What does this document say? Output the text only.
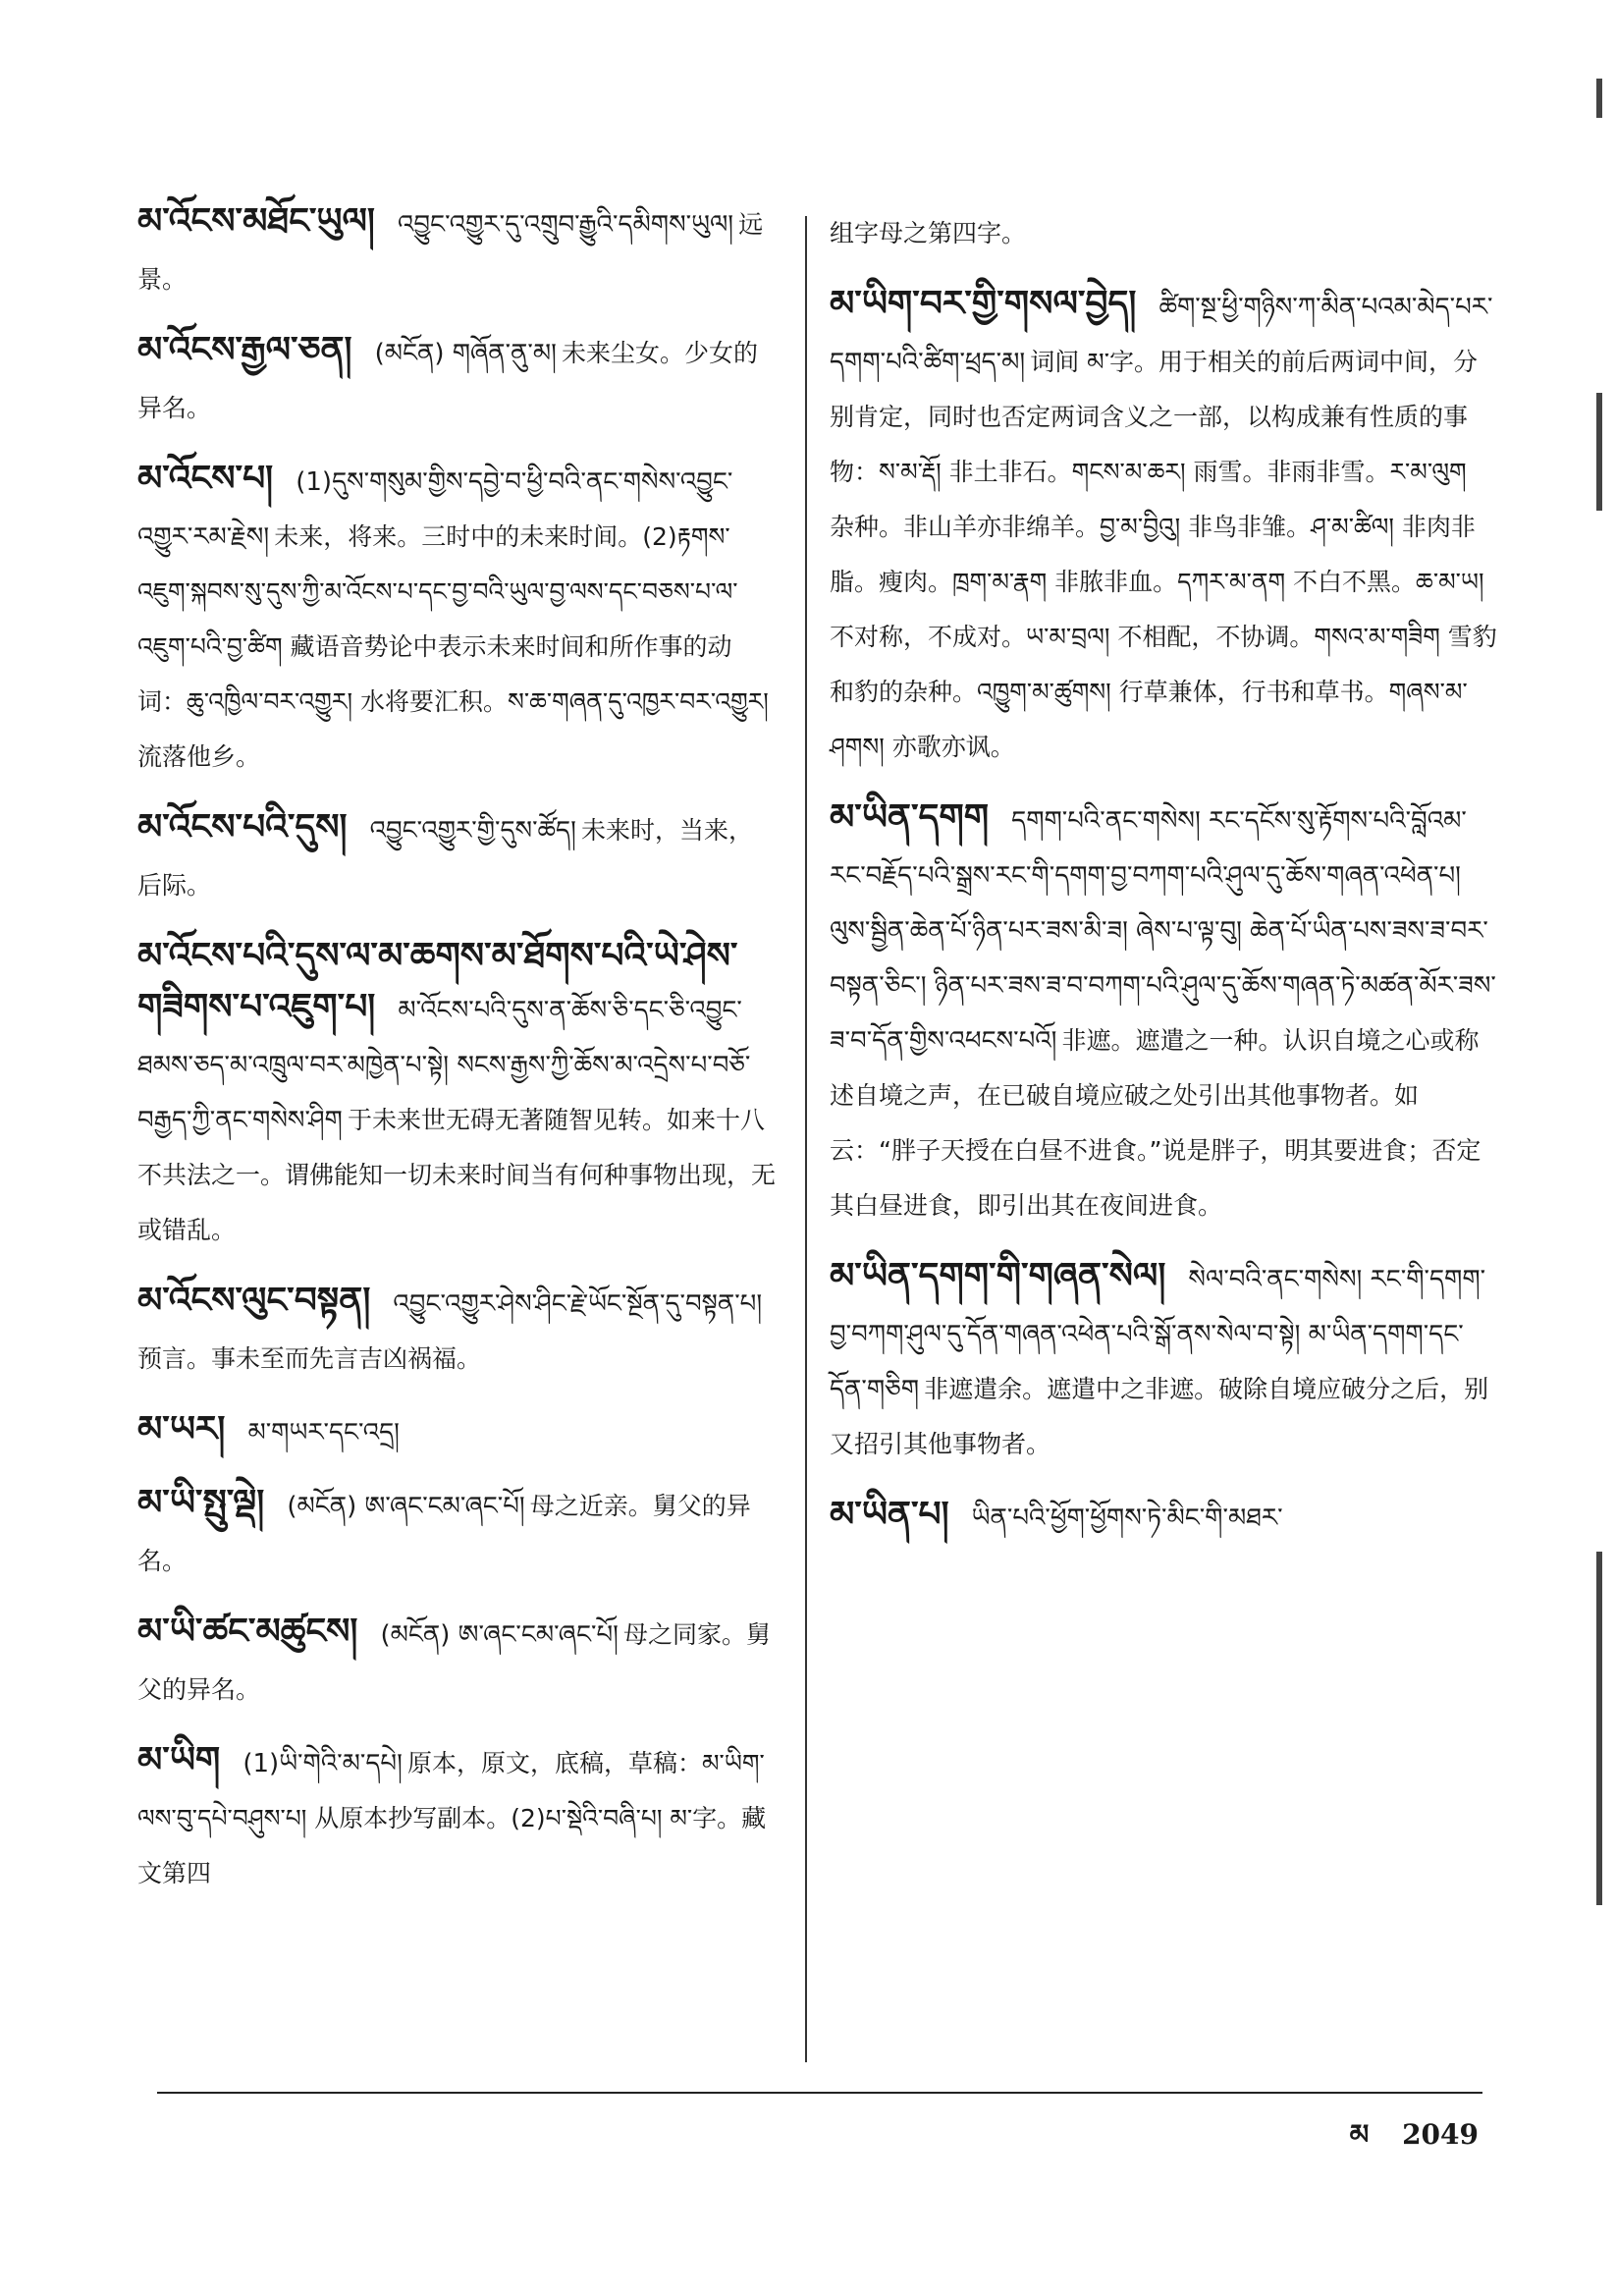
མ་འོངས་མཐོང་ཡུལ། འབྱུང་འགྱུར་དུ་འགྲུབ་རྒྱུའི་དམིགས་ཡུལ། 远景。
མ་འོངས་རྒྱལ་ཅན། (མངོན) གཞོན་ནུ་མ། 未来尘女。少女的异名。
མ་འོངས་པ། (1)དུས་གསུམ་གྱིས་དབྱེ་བ་ཕྱི་བའི་ནང་གསེས་འབྱུང་འགྱུར་རམ་རྗེས། 未来，将来。三时中的未来时间。(2)རྟགས་འཇུག་སྐབས་སུ་དུས་ཀྱི་མ་འོངས་པ་དང་བྱ་བའི་ཡུལ་བྱ་ལས་དང་བཅས་པ་ལ་འཇུག་པའི་བྱ་ཚིག 藏语音势论中表示未来时间和所作事的动词：ཆུ་འཁྱིལ་བར་འགྱུར། 水将要汇积。ས་ཆ་གཞན་དུ་འཁྱར་བར་འགྱུར། 流落他乡。
མ་འོངས་པའི་དུས། འབྱུང་འགྱུར་གྱི་དུས་ཚོད། 未来时，当来，后际。
མ་འོངས་པའི་དུས་ལ་མ་ཆགས་མ་ཐོགས་པའི་ཡེ་ཤེས་གཟིགས་པ་འཇུག་པ། མ་འོངས་པའི་དུས་ན་ཆོས་ཅི་དང་ཅི་འབྱུང་ཐམས་ཅད་མ་འཁྲུལ་བར་མཁྱེན་པ་སྟེ། སངས་རྒྱས་ཀྱི་ཆོས་མ་འདྲེས་པ་བཅོ་བརྒྱད་ཀྱི་ནང་གསེས་ཤིག 于未来世无碍无著随智见转。如来十八不共法之一。谓佛能知一切未来时间当有何种事物出现，无或错乱。
མ་འོངས་ལུང་བསྟན། འབྱུང་འགྱུར་ཤེས་ཤིང་རྗེ་ཡོང་སྔོན་དུ་བསྟན་པ། 预言。事未至而先言吉凶祸福。
མ་ཡར། མ་གཡར་དང་འདྲ།
མ་ཡི་སྤུ་ལྡེ། (མངོན) ཨ་ཞང་ངམ་ཞང་པོ། 母之近亲。舅父的异名。
མ་ཡི་ཚང་མཚུངས། (མངོན) ཨ་ཞང་ངམ་ཞང་པོ། 母之同家。舅父的异名。
མ་ཡིག (1)ཡི་གེའི་མ་དཔེ། 原本，原文，底稿，草稿：མ་ཡིག་ལས་བུ་དཔེ་བཤུས་པ། 从原本抄写副本。(2)པ་སྡེའི་བཞི་པ། མ་字。藏文第四
组字母之第四字。
མ་ཡིག་བར་གྱི་གསལ་བྱེད། ཚིག་སྔ་ཕྱི་གཉིས་ཀ་མིན་པའམ་མེད་པར་དགག་པའི་ཚིག་ཕྲད་མ། 词间 མ་字。用于相关的前后两词中间，分别肯定，同时也否定两词含义之一部，以构成兼有性质的事物：ས་མ་རྡོ། 非土非石。གངས་མ་ཆར། 雨雪。非雨非雪。ར་མ་ལུག 杂种。非山羊亦非绵羊。བྱ་མ་བྱིའུ། 非鸟非雏。ཤ་མ་ཚིལ། 非肉非脂。瘦肉。ཁྲག་མ་རྣག 非脓非血。དཀར་མ་ནག 不白不黑。ཆ་མ་ཡ། 不对称，不成对。ཡ་མ་བྲལ། 不相配，不协调。གསའ་མ་གཟིག 雪豹和豹的杂种。འཁྱུག་མ་ཚུགས། 行草兼体，行书和草书。གཞས་མ་ཤགས། 亦歌亦讽。
མ་ཡིན་དགག དགག་པའི་ནང་གསེས། རང་དངོས་སུ་རྟོགས་པའི་བློའམ་རང་བརྗོད་པའི་སྒྲས་རང་གི་དགག་བྱ་བཀག་པའི་ཤུལ་དུ་ཆོས་གཞན་འཕེན་པ། ལུས་སྦྱིན་ཆེན་པོ་ཉིན་པར་ཟས་མི་ཟ། ཞེས་པ་ལྟ་བུ། ཆེན་པོ་ཡིན་པས་ཟས་ཟ་བར་བསྟན་ཅིང་། ཉིན་པར་ཟས་ཟ་བ་བཀག་པའི་ཤུལ་དུ་ཆོས་གཞན་ཏེ་མཚན་མོར་ཟས་ཟ་བ་དོན་གྱིས་འཕངས་པའོ། 非遮。遮遣之一种。认识自境之心或称述自境之声，在已破自境应破之处引出其他事物者。如云：“胖子天授在白昼不进食。”说是胖子，明其要进食；否定其白昼进食，即引出其在夜间进食。
མ་ཡིན་དགག་གི་གཞན་སེལ། སེལ་བའི་ནང་གསེས། རང་གི་དགག་བྱ་བཀག་ཤུལ་དུ་དོན་གཞན་འཕེན་པའི་སྒོ་ནས་སེལ་བ་སྟེ། མ་ཡིན་དགག་དང་དོན་གཅིག 非遮遣余。遮遣中之非遮。破除自境应破分之后，别又招引其他事物者。
མ་ཡིན་པ། ཡིན་པའི་ཕྱོག་ཕྱོགས་ཏེ་མིང་གི་མཐར་
མ 2049
